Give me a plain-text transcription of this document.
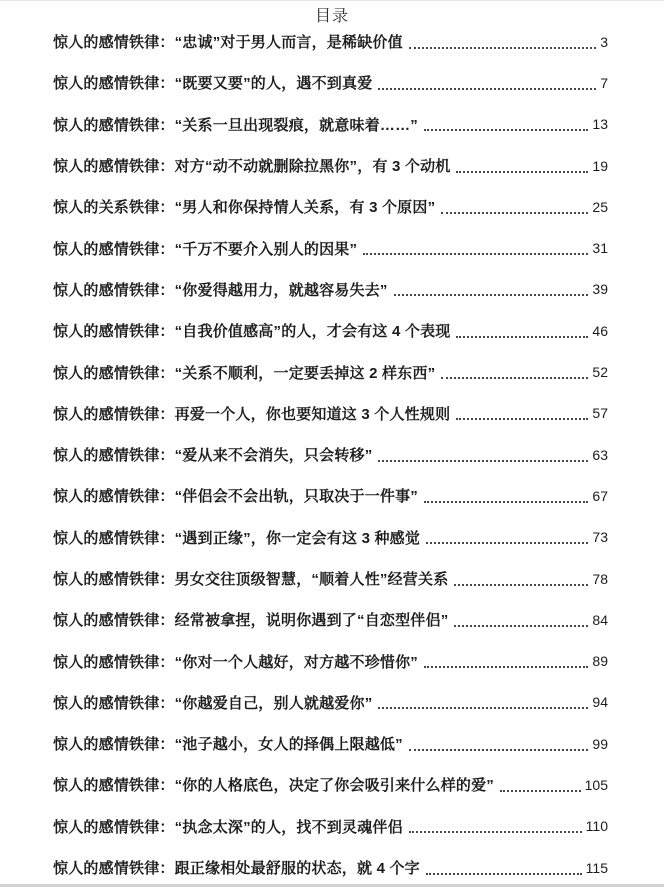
目录
惊人的感情铁律：“忠诚”对于男人而言，是稀缺价值	3
惊人的感情铁律：“既要又要”的人，遇不到真爱	7
惊人的感情铁律：“关系一旦出现裂痕，就意味着……”	13
惊人的感情铁律：对方“动不动就删除拉黑你”，有 3 个动机	19
惊人的关系铁律：“男人和你保持情人关系，有 3 个原因”	25
惊人的感情铁律：“千万不要介入别人的因果”	31
惊人的感情铁律：“你爱得越用力，就越容易失去”	39
惊人的感情铁律：“自我价值感高”的人，才会有这 4 个表现	46
惊人的感情铁律：“关系不顺利，一定要丢掉这 2 样东西”	52
惊人的感情铁律：再爱一个人，你也要知道这 3 个人性规则	57
惊人的感情铁律：“爱从来不会消失，只会转移”	63
惊人的感情铁律：“伴侣会不会出轨，只取决于一件事”	67
惊人的感情铁律：“遇到正缘”，你一定会有这 3 种感觉	73
惊人的感情铁律：男女交往顶级智慧，“顺着人性”经营关系	78
惊人的感情铁律：经常被拿捏，说明你遇到了“自恋型伴侣”	84
惊人的感情铁律：“你对一个人越好，对方越不珍惜你”	89
惊人的感情铁律：“你越爱自己，别人就越爱你”	94
惊人的感情铁律：“池子越小，女人的择偶上限越低”	99
惊人的感情铁律：“你的人格底色，决定了你会吸引来什么样的爱”	105
惊人的感情铁律：“执念太深”的人，找不到灵魂伴侣	110
惊人的感情铁律：跟正缘相处最舒服的状态，就 4 个字	115
